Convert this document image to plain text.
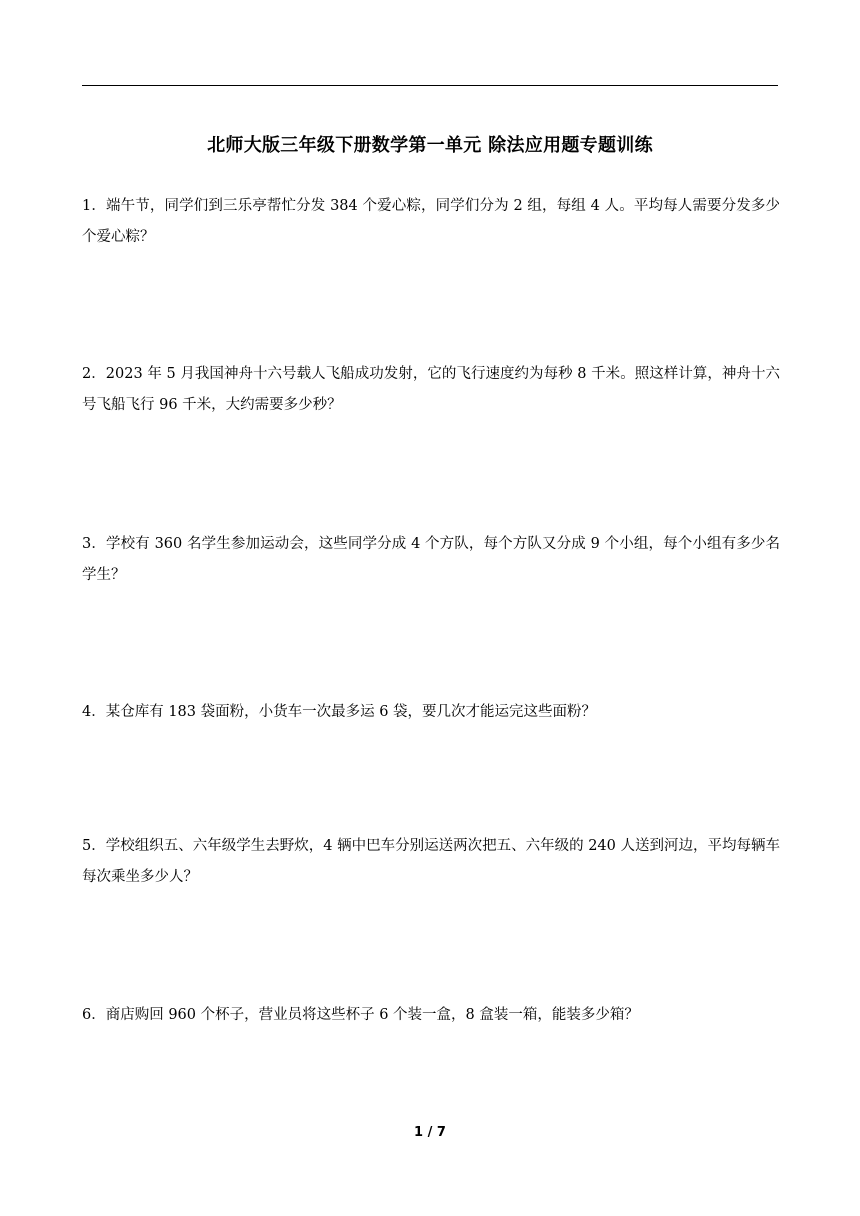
北师大版三年级下册数学第一单元 除法应用题专题训练

1．端午节，同学们到三乐亭帮忙分发 384 个爱心粽，同学们分为 2 组，每组 4 人。平均每人需要分发多少个爱心粽？

2．2023 年 5 月我国神舟十六号载人飞船成功发射，它的飞行速度约为每秒 8 千米。照这样计算，神舟十六号飞船飞行 96 千米，大约需要多少秒？

3．学校有 360 名学生参加运动会，这些同学分成 4 个方队，每个方队又分成 9 个小组，每个小组有多少名学生？

4．某仓库有 183 袋面粉，小货车一次最多运 6 袋，要几次才能运完这些面粉？

5．学校组织五、六年级学生去野炊，4 辆中巴车分别运送两次把五、六年级的 240 人送到河边，平均每辆车每次乘坐多少人？

6．商店购回 960 个杯子，营业员将这些杯子 6 个装一盒，8 盒装一箱，能装多少箱？

1 / 7
